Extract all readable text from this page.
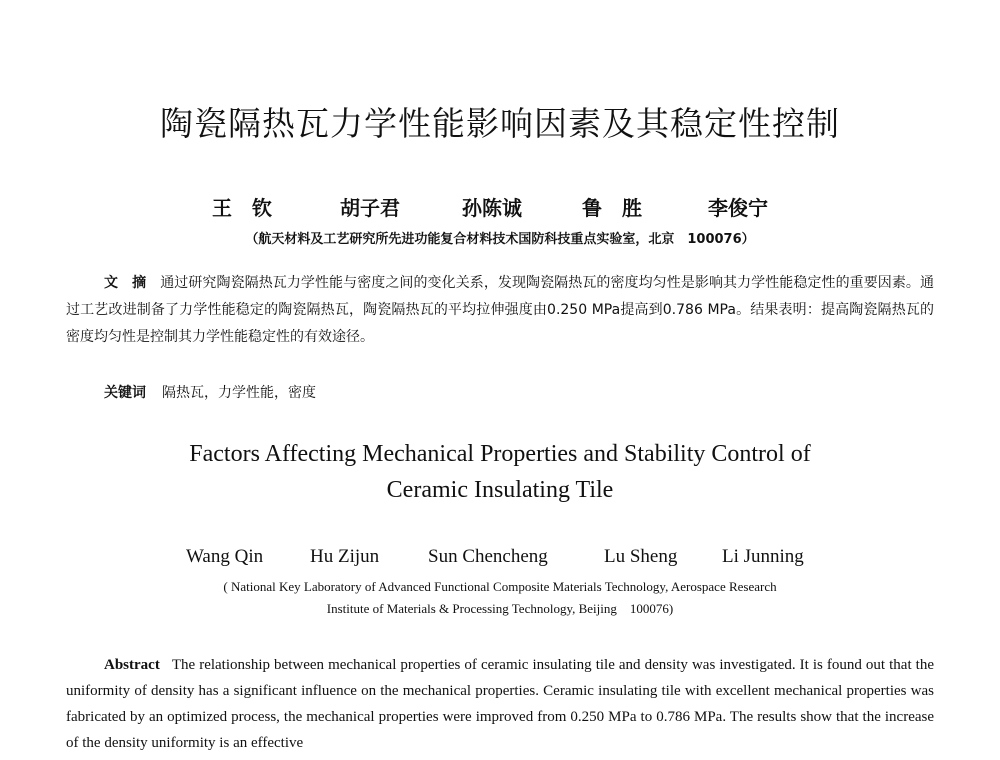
陶瓷隔热瓦力学性能影响因素及其稳定性控制
王　钦	胡子君	孙陈诚	鲁　胜	李俊宁
（航天材料及工艺研究所先进功能复合材料技术国防科技重点实验室，北京　100076）
文　摘 通过研究陶瓷隔热瓦力学性能与密度之间的变化关系，发现陶瓷隔热瓦的密度均匀性是影响其力学性能稳定性的重要因素。通过工艺改进制备了力学性能稳定的陶瓷隔热瓦，陶瓷隔热瓦的平均拉伸强度由0.250 MPa提高到0.786 MPa。结果表明：提高陶瓷隔热瓦的密度均匀性是控制其力学性能稳定性的有效途径。
关键词 隔热瓦，力学性能，密度
Factors Affecting Mechanical Properties and Stability Control of
Ceramic Insulating Tile
Wang Qin Hu Zijun	Sun Chencheng	Lu Sheng Li Junning
( National Key Laboratory of Advanced Functional Composite Materials Technology, Aerospace Research
Institute of Materials & Processing Technology, Beijing　100076)
Abstract The relationship between mechanical properties of ceramic insulating tile and density was investigated. It is found out that the uniformity of density has a significant influence on the mechanical properties. Ceramic insulating tile with excellent mechanical properties was fabricated by an optimized process, the mechanical properties were improved from 0.250 MPa to 0.786 MPa. The results show that the increase of the density uniformity is an effective
